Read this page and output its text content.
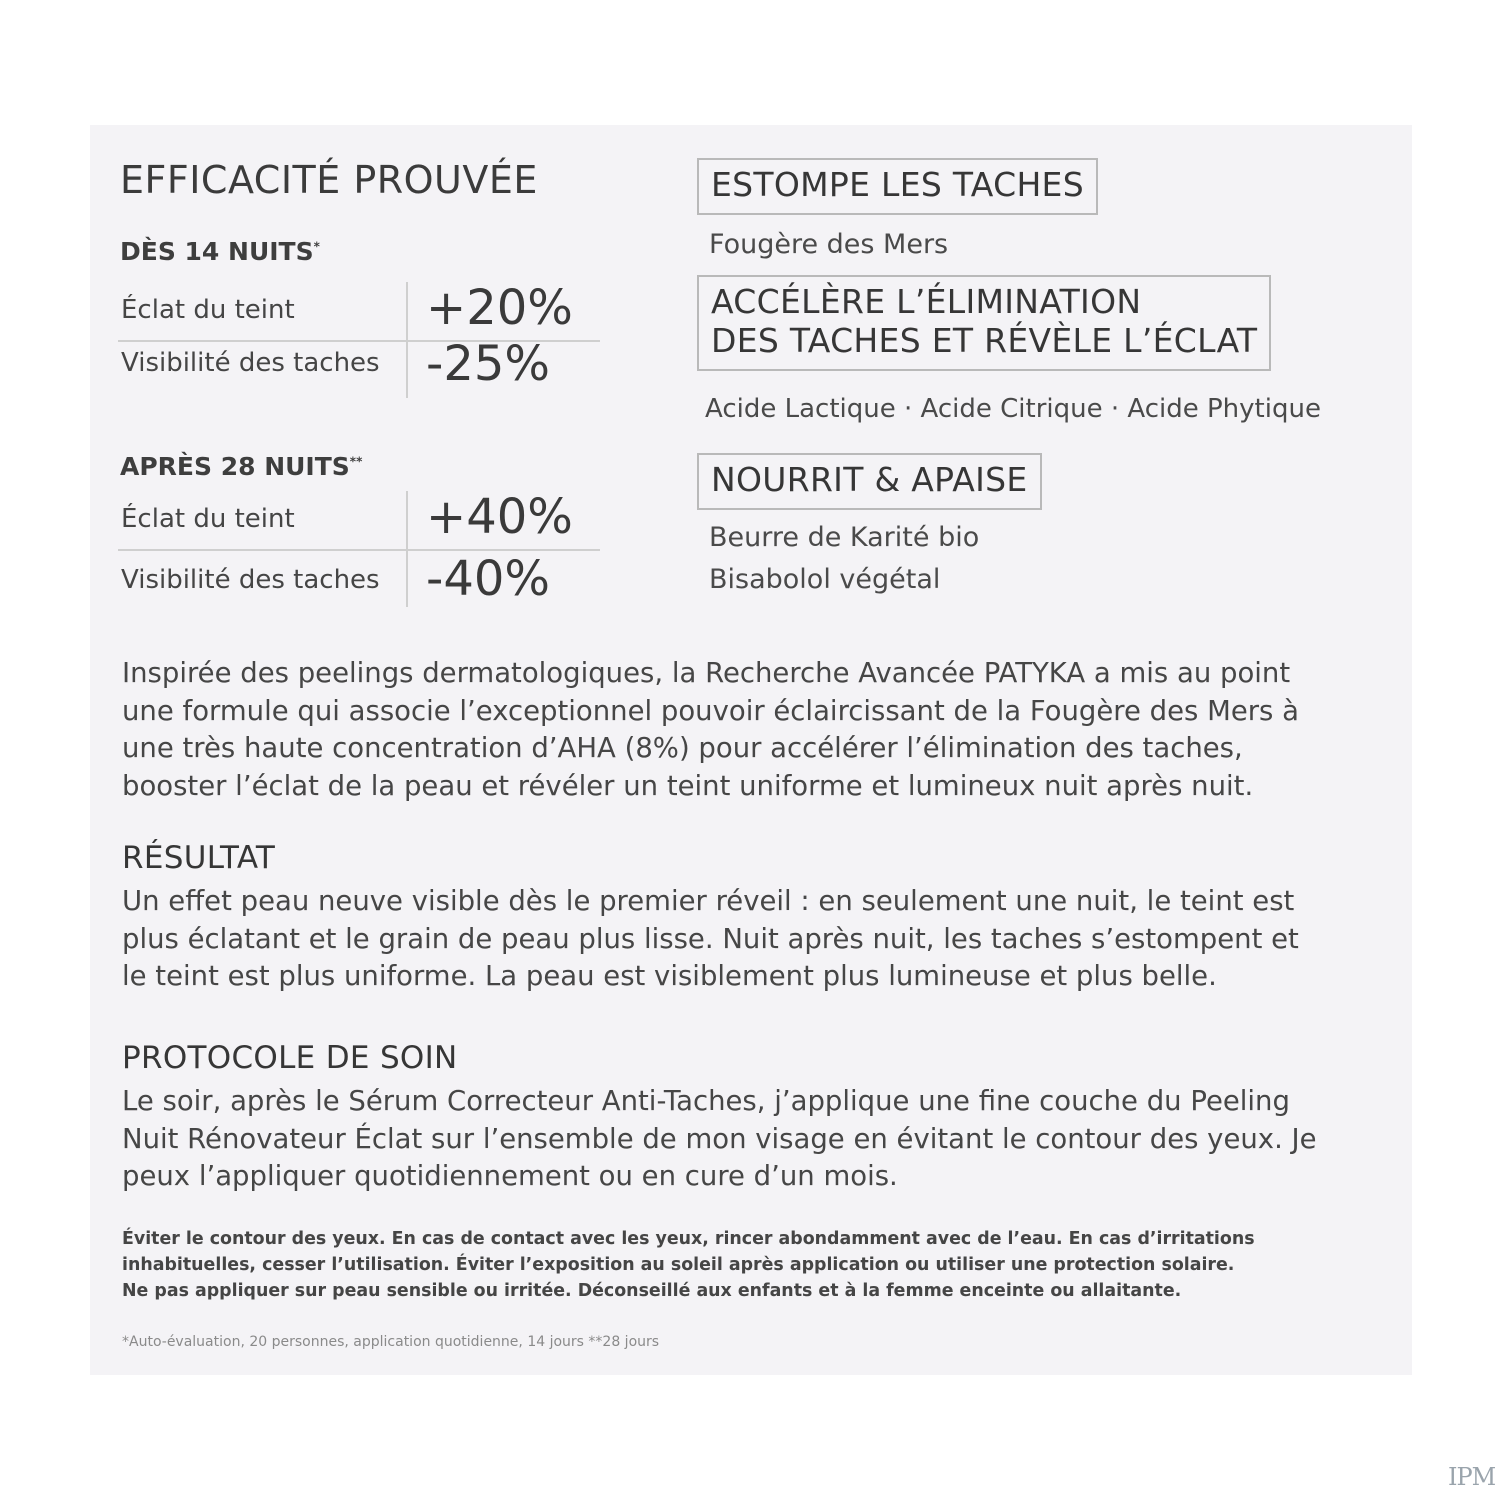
EFFICACITÉ PROUVÉE
DÈS 14 NUITS*
Éclat du teint	+20%
Visibilité des taches -25%
APRÈS 28 NUITS**
Éclat du teint	+40%
Visibilité des taches -40%
ESTOMPE LES TACHES
Fougère des Mers
ACCÉLÈRE L’ÉLIMINATION
DES TACHES ET RÉVÈLE L’ÉCLAT
Acide Lactique · Acide Citrique · Acide Phytique
NOURRIT & APAISE
Beurre de Karité bio
Bisabolol végétal
Inspirée des peelings dermatologiques, la Recherche Avancée PATYKA a mis au point
une formule qui associe l’exceptionnel pouvoir éclaircissant de la Fougère des Mers à
une très haute concentration d’AHA (8%) pour accélérer l’élimination des taches,
booster l’éclat de la peau et révéler un teint uniforme et lumineux nuit après nuit.
RÉSULTAT
Un effet peau neuve visible dès le premier réveil : en seulement une nuit, le teint est
plus éclatant et le grain de peau plus lisse. Nuit après nuit, les taches s’estompent et
le teint est plus uniforme. La peau est visiblement plus lumineuse et plus belle.
PROTOCOLE DE SOIN
Le soir, après le Sérum Correcteur Anti-Taches, j’applique une fine couche du Peeling
Nuit Rénovateur Éclat sur l’ensemble de mon visage en évitant le contour des yeux. Je
peux l’appliquer quotidiennement ou en cure d’un mois.
Éviter le contour des yeux. En cas de contact avec les yeux, rincer abondamment avec de l’eau. En cas d’irritations
inhabituelles, cesser l’utilisation. Éviter l’exposition au soleil après application ou utiliser une protection solaire.
Ne pas appliquer sur peau sensible ou irritée. Déconseillé aux enfants et à la femme enceinte ou allaitante.
*Auto-évaluation, 20 personnes, application quotidienne, 14 jours **28 jours
IPM
